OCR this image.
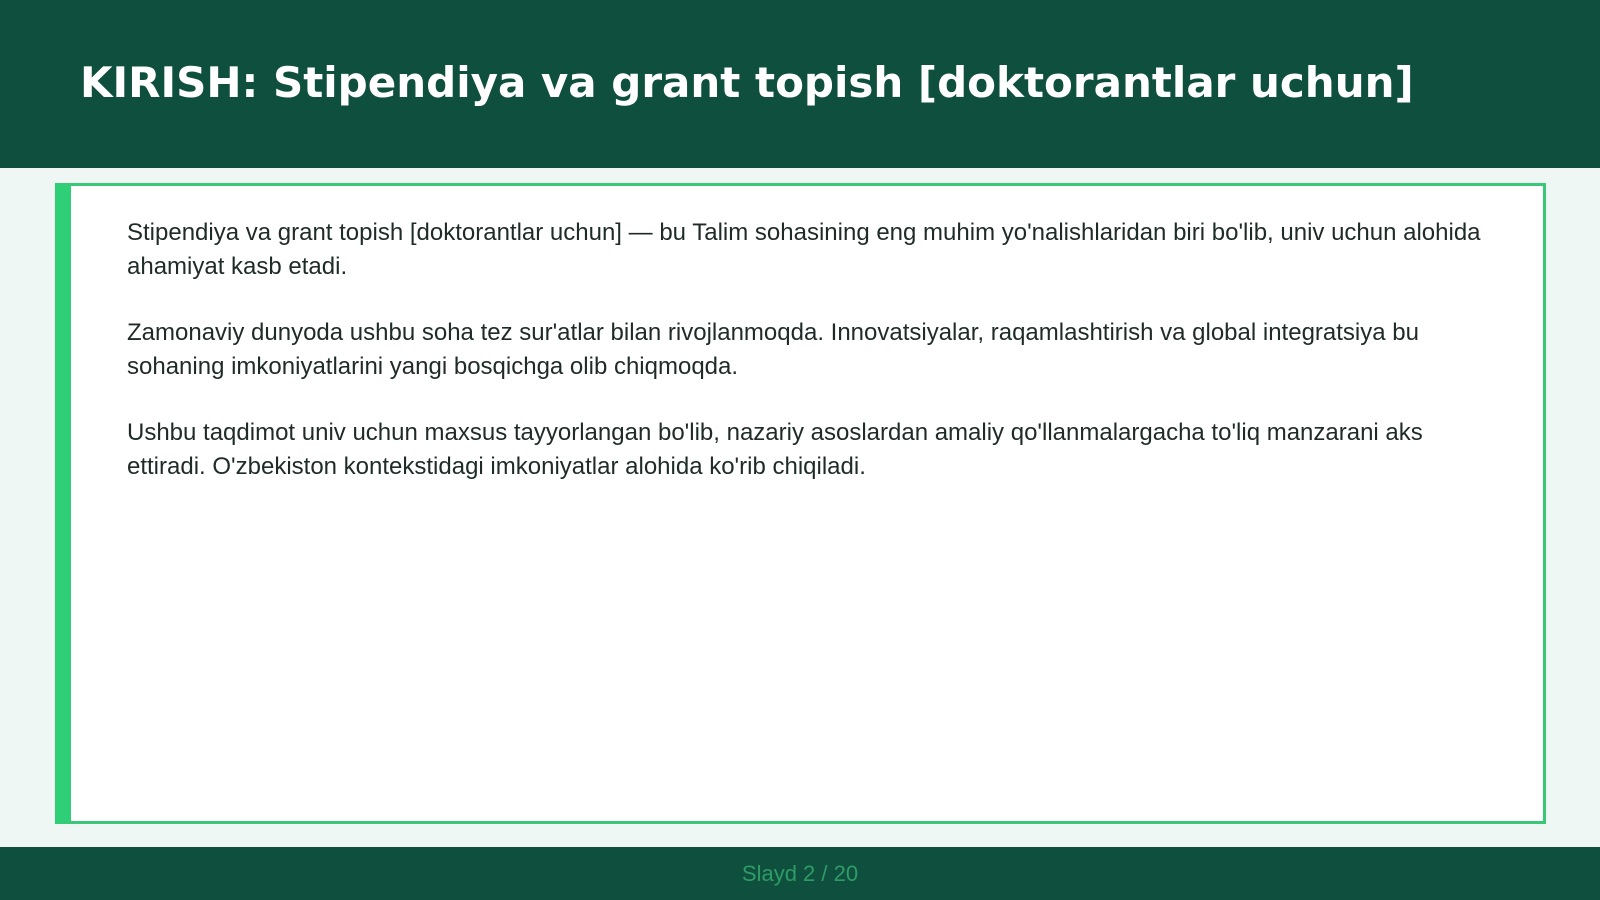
KIRISH: Stipendiya va grant topish [doktorantlar uchun]

Stipendiya va grant topish [doktorantlar uchun] — bu Talim sohasining eng muhim yo'nalishlaridan biri bo'lib, univ uchun alohida ahamiyat kasb etadi.

Zamonaviy dunyoda ushbu soha tez sur'atlar bilan rivojlanmoqda. Innovatsiyalar, raqamlashtirish va global integratsiya bu sohaning imkoniyatlarini yangi bosqichga olib chiqmoqda.

Ushbu taqdimot univ uchun maxsus tayyorlangan bo'lib, nazariy asoslardan amaliy qo'llanmalargacha to'liq manzarani aks ettiradi. O'zbekiston kontekstidagi imkoniyatlar alohida ko'rib chiqiladi.

Slayd 2 / 20
